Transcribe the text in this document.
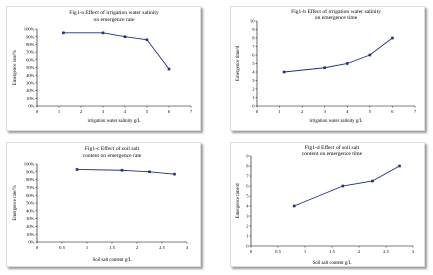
Fig1-a Effect of irrigation water salinity
on emergence rate
irrigation water salinity g/L
Emergence rate/%
0%
10%
20%
30%
40%
50%
60%
70%
80%
90%
100%
0	1	2	3	4	5	6	7
Fig1-b Effect of irrigation water salinity
on emergence time
irrigation water salinity g/L
Emergence time/d
0
1
2
3
4
5
6
7
8
9
10
0	1	2	3	4	5	6	7
Fig1-c Effect of soil salt
content on emergence rate
Soil salt content g/L
Emergence rate/%
0%
10%
20%
30%
40%
50%
60%
70%
80%
90%
100%
0	0.5	1	1.5	2	2.5	3
Fig1-d Effect of soil salt
content on emergence time
Soil salt content g/L
Emergence time/d
0
1
2
3
4
5
6
7
8
9
0	0.5	1	1.5	2	2.5	3
